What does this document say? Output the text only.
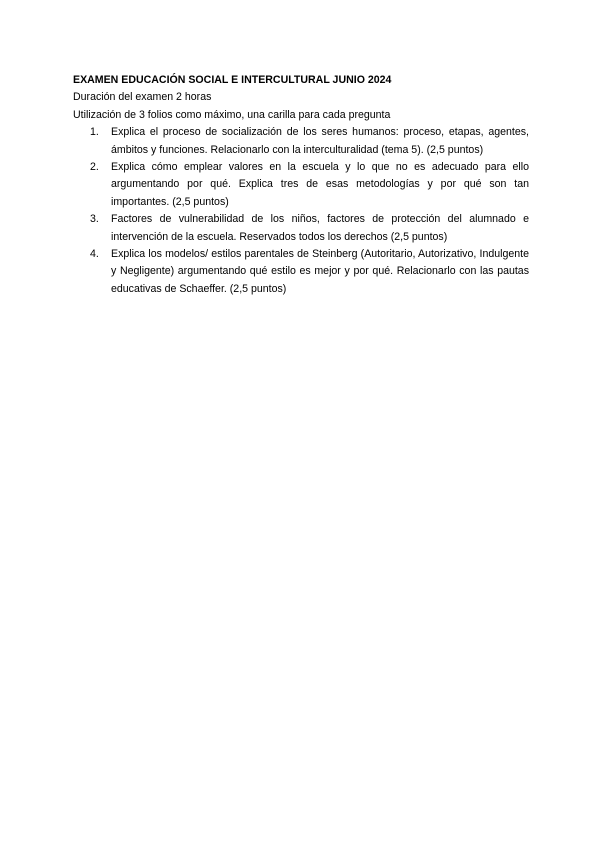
EXAMEN EDUCACIÓN SOCIAL E INTERCULTURAL JUNIO 2024

Duración del examen 2 horas

Utilización de 3 folios como máximo, una carilla para cada pregunta

1. Explica el proceso de socialización de los seres humanos: proceso, etapas, agentes, ámbitos y funciones. Relacionarlo con la interculturalidad (tema 5). (2,5 puntos)
2. Explica cómo emplear valores en la escuela y lo que no es adecuado para ello argumentando por qué. Explica tres de esas metodologías y por qué son tan importantes. (2,5 puntos)
3. Factores de vulnerabilidad de los niños, factores de protección del alumnado e intervención de la escuela. Reservados todos los derechos (2,5 puntos)
4. Explica los modelos/ estilos parentales de Steinberg (Autoritario, Autorizativo, Indulgente y Negligente) argumentando qué estilo es mejor y por qué. Relacionarlo con las pautas educativas de Schaeffer. (2,5 puntos)
